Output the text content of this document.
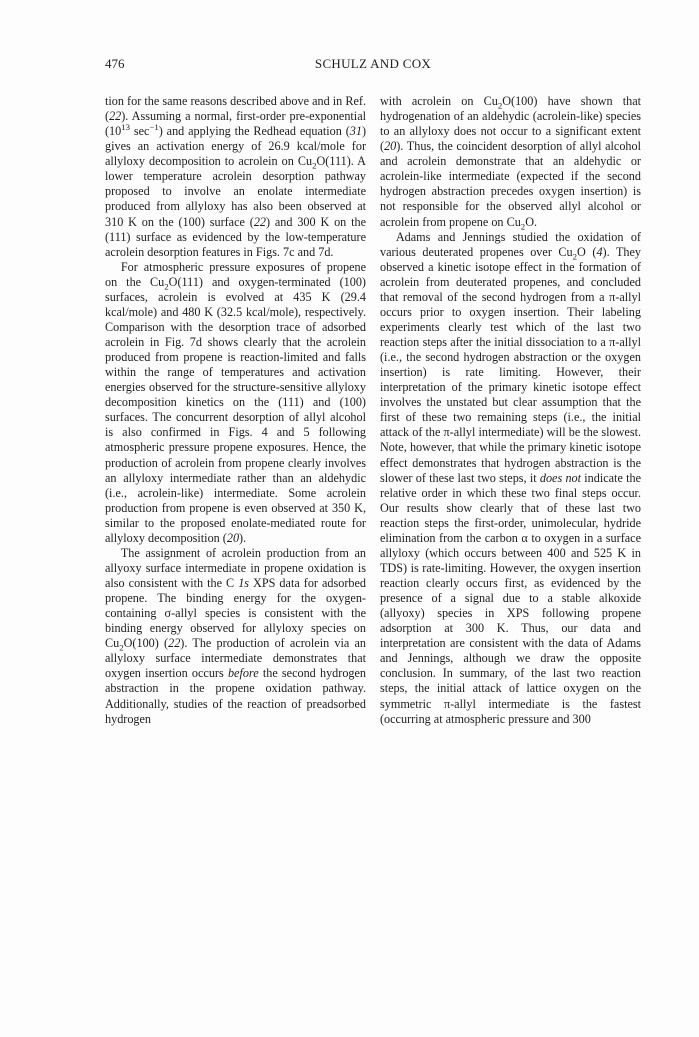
476	SCHULZ AND COX

tion for the same reasons described above and in Ref. (22). Assuming a normal, first-order pre-exponential ($10^{13}$ $\sec^{-1}$) and applying the Redhead equation (31) gives an activation energy of 26.9 kcal/mole for allyloxy decomposition to acrolein on $Cu_2O(111)$. A lower temperature acrolein desorption pathway proposed to involve an enolate intermediate produced from allyloxy has also been observed at 310 K on the (100) surface (22) and 300 K on the (111) surface as evidenced by the low-temperature acrolein desorption features in Figs. 7c and 7d.

For atmospheric pressure exposures of propene on the $Cu_2O(111)$ and oxygen-terminated (100) surfaces, acrolein is evolved at 435 K (29.4 kcal/mole) and 480 K (32.5 kcal/mole), respectively. Comparison with the desorption trace of adsorbed acrolein in Fig. 7d shows clearly that the acrolein produced from propene is reaction-limited and falls within the range of temperatures and activation energies observed for the structure-sensitive allyloxy decomposition kinetics on the (111) and (100) surfaces. The concurrent desorption of allyl alcohol is also confirmed in Figs. 4 and 5 following atmospheric pressure propene exposures. Hence, the production of acrolein from propene clearly involves an allyloxy intermediate rather than an aldehydic (i.e., acrolein-like) intermediate. Some acrolein production from propene is even observed at 350 K, similar to the proposed enolate-mediated route for allyloxy decomposition (20).

The assignment of acrolein production from an allyoxy surface intermediate in propene oxidation is also consistent with the C 1s XPS data for adsorbed propene. The binding energy for the oxygen-containing σ-allyl species is consistent with the binding energy observed for allyloxy species on $Cu_2O(100)$ (22). The production of acrolein via an allyloxy surface intermediate demonstrates that oxygen insertion occurs before the second hydrogen abstraction in the propene oxidation pathway. Additionally, studies of the reaction of preadsorbed hydrogen

with acrolein on $Cu_2O(100)$ have shown that hydrogenation of an aldehydic (acrolein-like) species to an allyloxy does not occur to a significant extent (20). Thus, the coincident desorption of allyl alcohol and acrolein demonstrate that an aldehydic or acrolein-like intermediate (expected if the second hydrogen abstraction precedes oxygen insertion) is not responsible for the observed allyl alcohol or acrolein from propene on $Cu_2O$.

Adams and Jennings studied the oxidation of various deuterated propenes over $Cu_2O$ (4). They observed a kinetic isotope effect in the formation of acrolein from deuterated propenes, and concluded that removal of the second hydrogen from a π-allyl occurs prior to oxygen insertion. Their labeling experiments clearly test which of the last two reaction steps after the initial dissociation to a π-allyl (i.e., the second hydrogen abstraction or the oxygen insertion) is rate limiting. However, their interpretation of the primary kinetic isotope effect involves the unstated but clear assumption that the first of these two remaining steps (i.e., the initial attack of the π-allyl intermediate) will be the slowest. Note, however, that while the primary kinetic isotope effect demonstrates that hydrogen abstraction is the slower of these last two steps, it does not indicate the relative order in which these two final steps occur. Our results show clearly that of these last two reaction steps the first-order, unimolecular, hydride elimination from the carbon α to oxygen in a surface allyloxy (which occurs between 400 and 525 K in TDS) is rate-limiting. However, the oxygen insertion reaction clearly occurs first, as evidenced by the presence of a signal due to a stable alkoxide (allyoxy) species in XPS following propene adsorption at 300 K. Thus, our data and interpretation are consistent with the data of Adams and Jennings, although we draw the opposite conclusion. In summary, of the last two reaction steps, the initial attack of lattice oxygen on the symmetric π-allyl intermediate is the fastest (occurring at atmospheric pressure and 300
